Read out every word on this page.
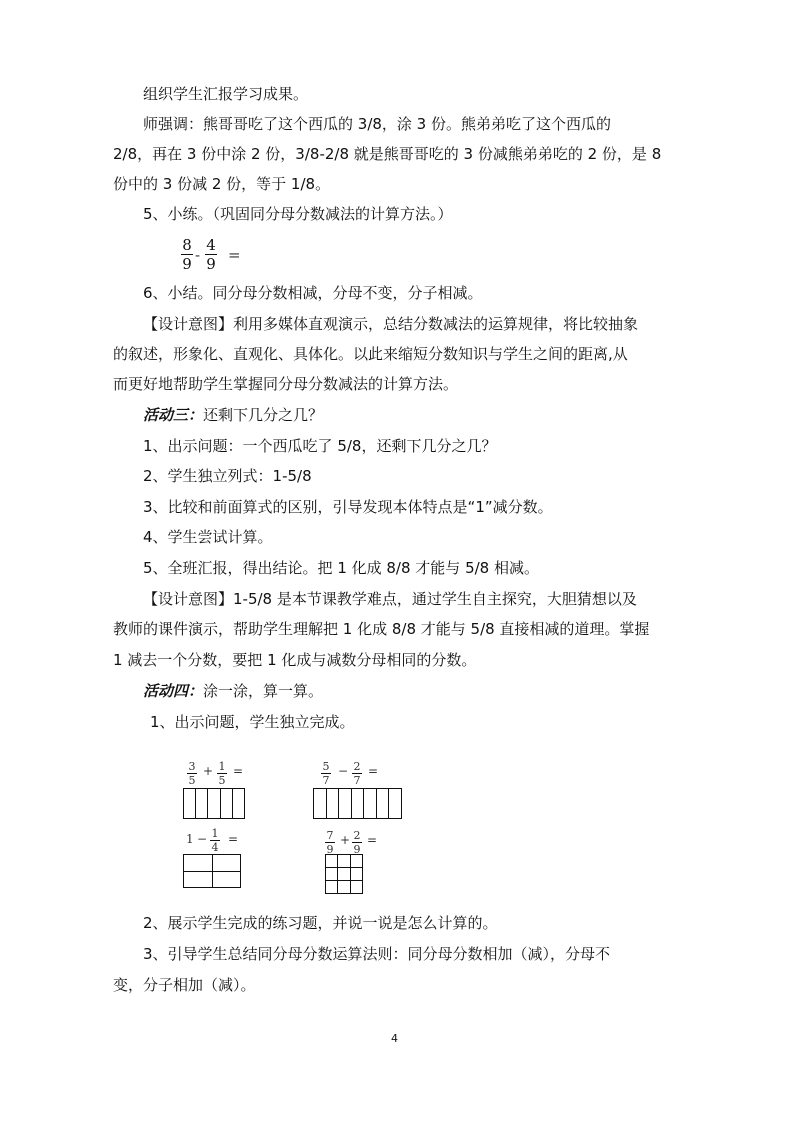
组织学生汇报学习成果。

师强调：熊哥哥吃了这个西瓜的 3/8，涂 3 份。熊弟弟吃了这个西瓜的

2/8，再在 3 份中涂 2 份，3/8-2/8 就是熊哥哥吃的 3 份减熊弟弟吃的 2 份，是 8

份中的 3 份减 2 份，等于 1/8。

5、小练。（巩固同分母分数减法的计算方法。）

8
9 -
4
9 =

6、小结。同分母分数相减，分母不变，分子相减。

【设计意图】利用多媒体直观演示，总结分数减法的运算规律，将比较抽象

的叙述，形象化、直观化、具体化。以此来缩短分数知识与学生之间的距离,从

而更好地帮助学生掌握同分母分数减法的计算方法。

活动三：还剩下几分之几？

1、出示问题：一个西瓜吃了 5/8，还剩下几分之几？

2、学生独立列式：1-5/8

3、比较和前面算式的区别，引导发现本体特点是“1”减分数。

4、学生尝试计算。

5、全班汇报，得出结论。把 1 化成 8/8 才能与 5/8 相减。

【设计意图】1-5/8 是本节课教学难点，通过学生自主探究，大胆猜想以及

教师的课件演示，帮助学生理解把 1 化成 8/8 才能与 5/8 直接相减的道理。掌握

1 减去一个分数，要把 1 化成与减数分母相同的分数。

活动四：涂一涂，算一算。

1、出示问题，学生独立完成。

3
5
+ 1
5
=
					5
7
− 2
7
=

1 − 1
4
=

		7
9
+ 2
9
=

2、展示学生完成的练习题，并说一说是怎么计算的。

3、引导学生总结同分母分数运算法则：同分母分数相加（减），分母不

变，分子相加（减）。

4
